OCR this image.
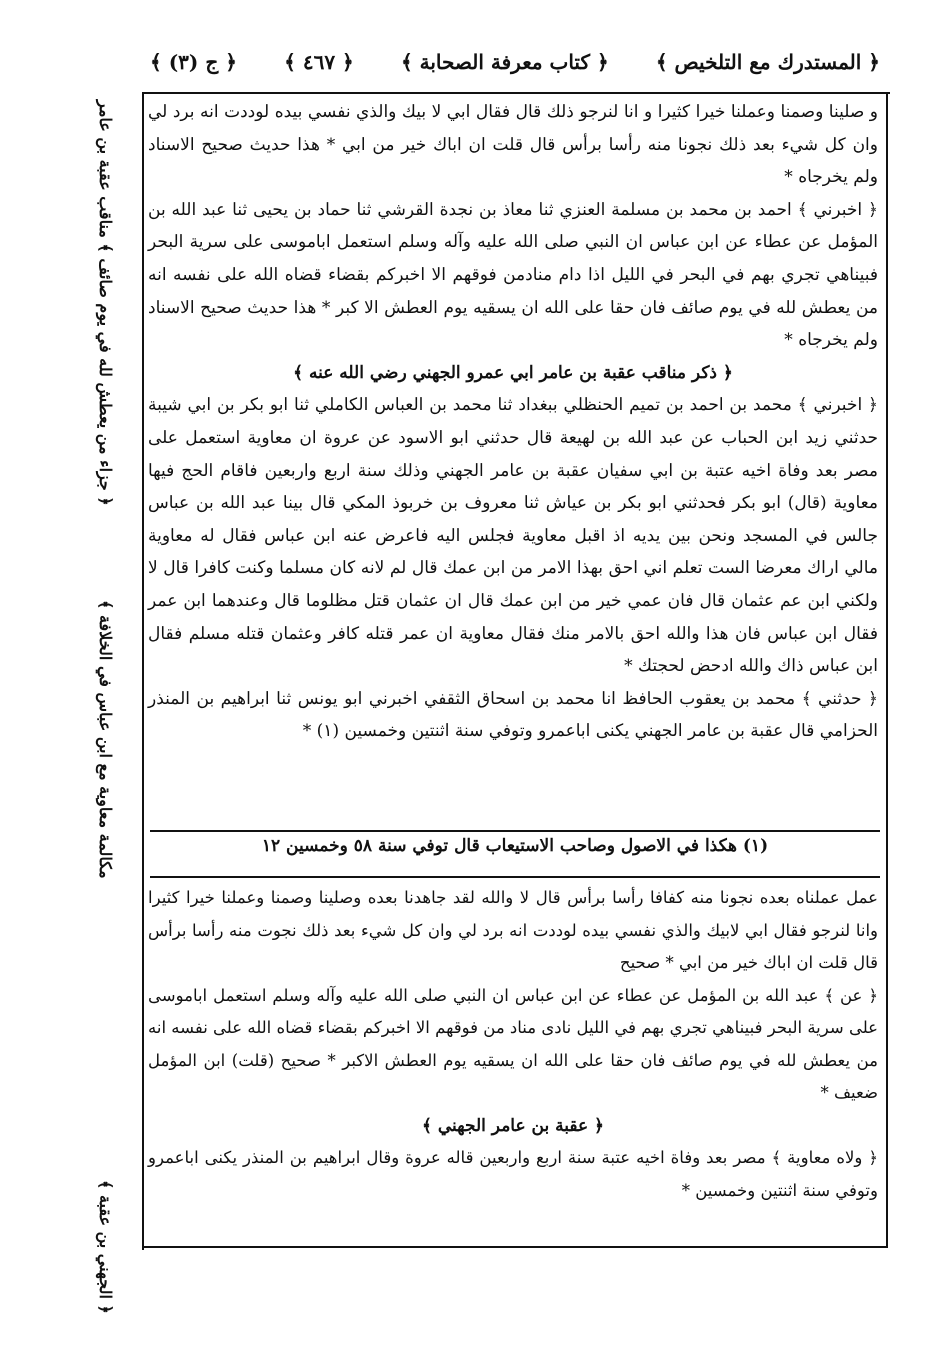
﴿ المستدرك مع التلخيص ﴾
﴿ كتاب معرفة الصحابة ﴾
﴿ ٤٦٧ ﴾
﴿ ج (٣) ﴾

و صلينا وصمنا وعملنا خيرا كثيرا و انا لنرجو ذلك قال فقال ابي لا بيك والذي نفسي بيده لوددت انه برد لي وان كل شيء بعد ذلك نجونا منه رأسا برأس قال قلت ان اباك خير من ابي * هذا حديث صحيح الاسناد ولم يخرجاه *

﴿ اخبرني ﴾ احمد بن محمد بن مسلمة العنزي ثنا معاذ بن نجدة القرشي ثنا حماد بن يحيى ثنا عبد الله بن المؤمل عن عطاء عن ابن عباس ان النبي صلى الله عليه وآله وسلم استعمل اباموسى على سرية البحر فبيناهي تجري بهم في البحر في الليل اذا دام منادمن فوقهم الا اخبركم بقضاء قضاه الله على نفسه انه من يعطش لله في يوم صائف فان حقا على الله ان يسقيه يوم العطش الا كبر * هذا حديث صحيح الاسناد ولم يخرجاه *

﴿ ذكر مناقب عقبة بن عامر ابي عمرو الجهني رضي الله عنه ﴾

﴿ اخبرني ﴾ محمد بن احمد بن تميم الحنظلي ببغداد ثنا محمد بن العباس الكاملي ثنا ابو بكر بن ابي شيبة حدثني زيد ابن الحباب عن عبد الله بن لهيعة قال حدثني ابو الاسود عن عروة ان معاوية استعمل على مصر بعد وفاة اخيه عتبة بن ابي سفيان عقبة بن عامر الجهني وذلك سنة اربع واربعين فاقام الحج فيها معاوية (قال) ابو بكر فحدثني ابو بكر بن عياش ثنا معروف بن خربوذ المكي قال بينا عبد الله بن عباس جالس في المسجد ونحن بين يديه اذ اقبل معاوية فجلس اليه فاعرض عنه ابن عباس فقال له معاوية مالي اراك معرضا الست تعلم اني احق بهذا الامر من ابن عمك قال لم لانه كان مسلما وكنت كافرا قال لا ولكني ابن عم عثمان قال فان عمي خير من ابن عمك قال ان عثمان قتل مظلوما قال وعندهما ابن عمر فقال ابن عباس فان هذا والله احق بالامر منك فقال معاوية ان عمر قتله كافر وعثمان قتله مسلم فقال ابن عباس ذاك والله ادحض لحجتك *

﴿ حدثني ﴾ محمد بن يعقوب الحافظ انا محمد بن اسحاق الثقفي اخبرني ابو يونس ثنا ابراهيم بن المنذر الحزامي قال عقبة بن عامر الجهني يكنى اباعمرو وتوفي سنة اثنتين وخمسين (١) *

(١) هكذا في الاصول وصاحب الاستيعاب قال توفي سنة ٥٨ وخمسين ١٢

عمل عملناه بعده نجونا منه كفافا رأسا برأس قال لا والله لقد جاهدنا بعده وصلينا وصمنا وعملنا خيرا كثيرا وانا لنرجو فقال ابي لابيك والذي نفسي بيده لوددت انه برد لي وان كل شيء بعد ذلك نجوت منه رأسا برأس قال قلت ان اباك خير من ابي * صحيح

﴿ عن ﴾ عبد الله بن المؤمل عن عطاء عن ابن عباس ان النبي صلى الله عليه وآله وسلم استعمل اباموسى على سرية البحر فبيناهي تجري بهم في الليل نادى مناد من فوقهم الا اخبركم بقضاء قضاه الله على نفسه انه من يعطش لله في يوم صائف فان حقا على الله ان يسقيه يوم العطش الاكبر * صحيح (قلت) ابن المؤمل ضعيف *

﴿ عقبة بن عامر الجهني ﴾

﴿ ولاه معاوية ﴾ مصر بعد وفاة اخيه عتبة سنة اربع واربعين قاله عروة وقال ابراهيم بن المنذر يكنى اباعمرو وتوفي سنة اثنتين وخمسين *

﴿ جزاء من يعطش لله في يوم صائف ﴾ مناقب عقبة بن عامر
مكالمة معاوية مع ابن عباس في الخلافة ﴾
﴿ الجهني بن عقبة ﴾
